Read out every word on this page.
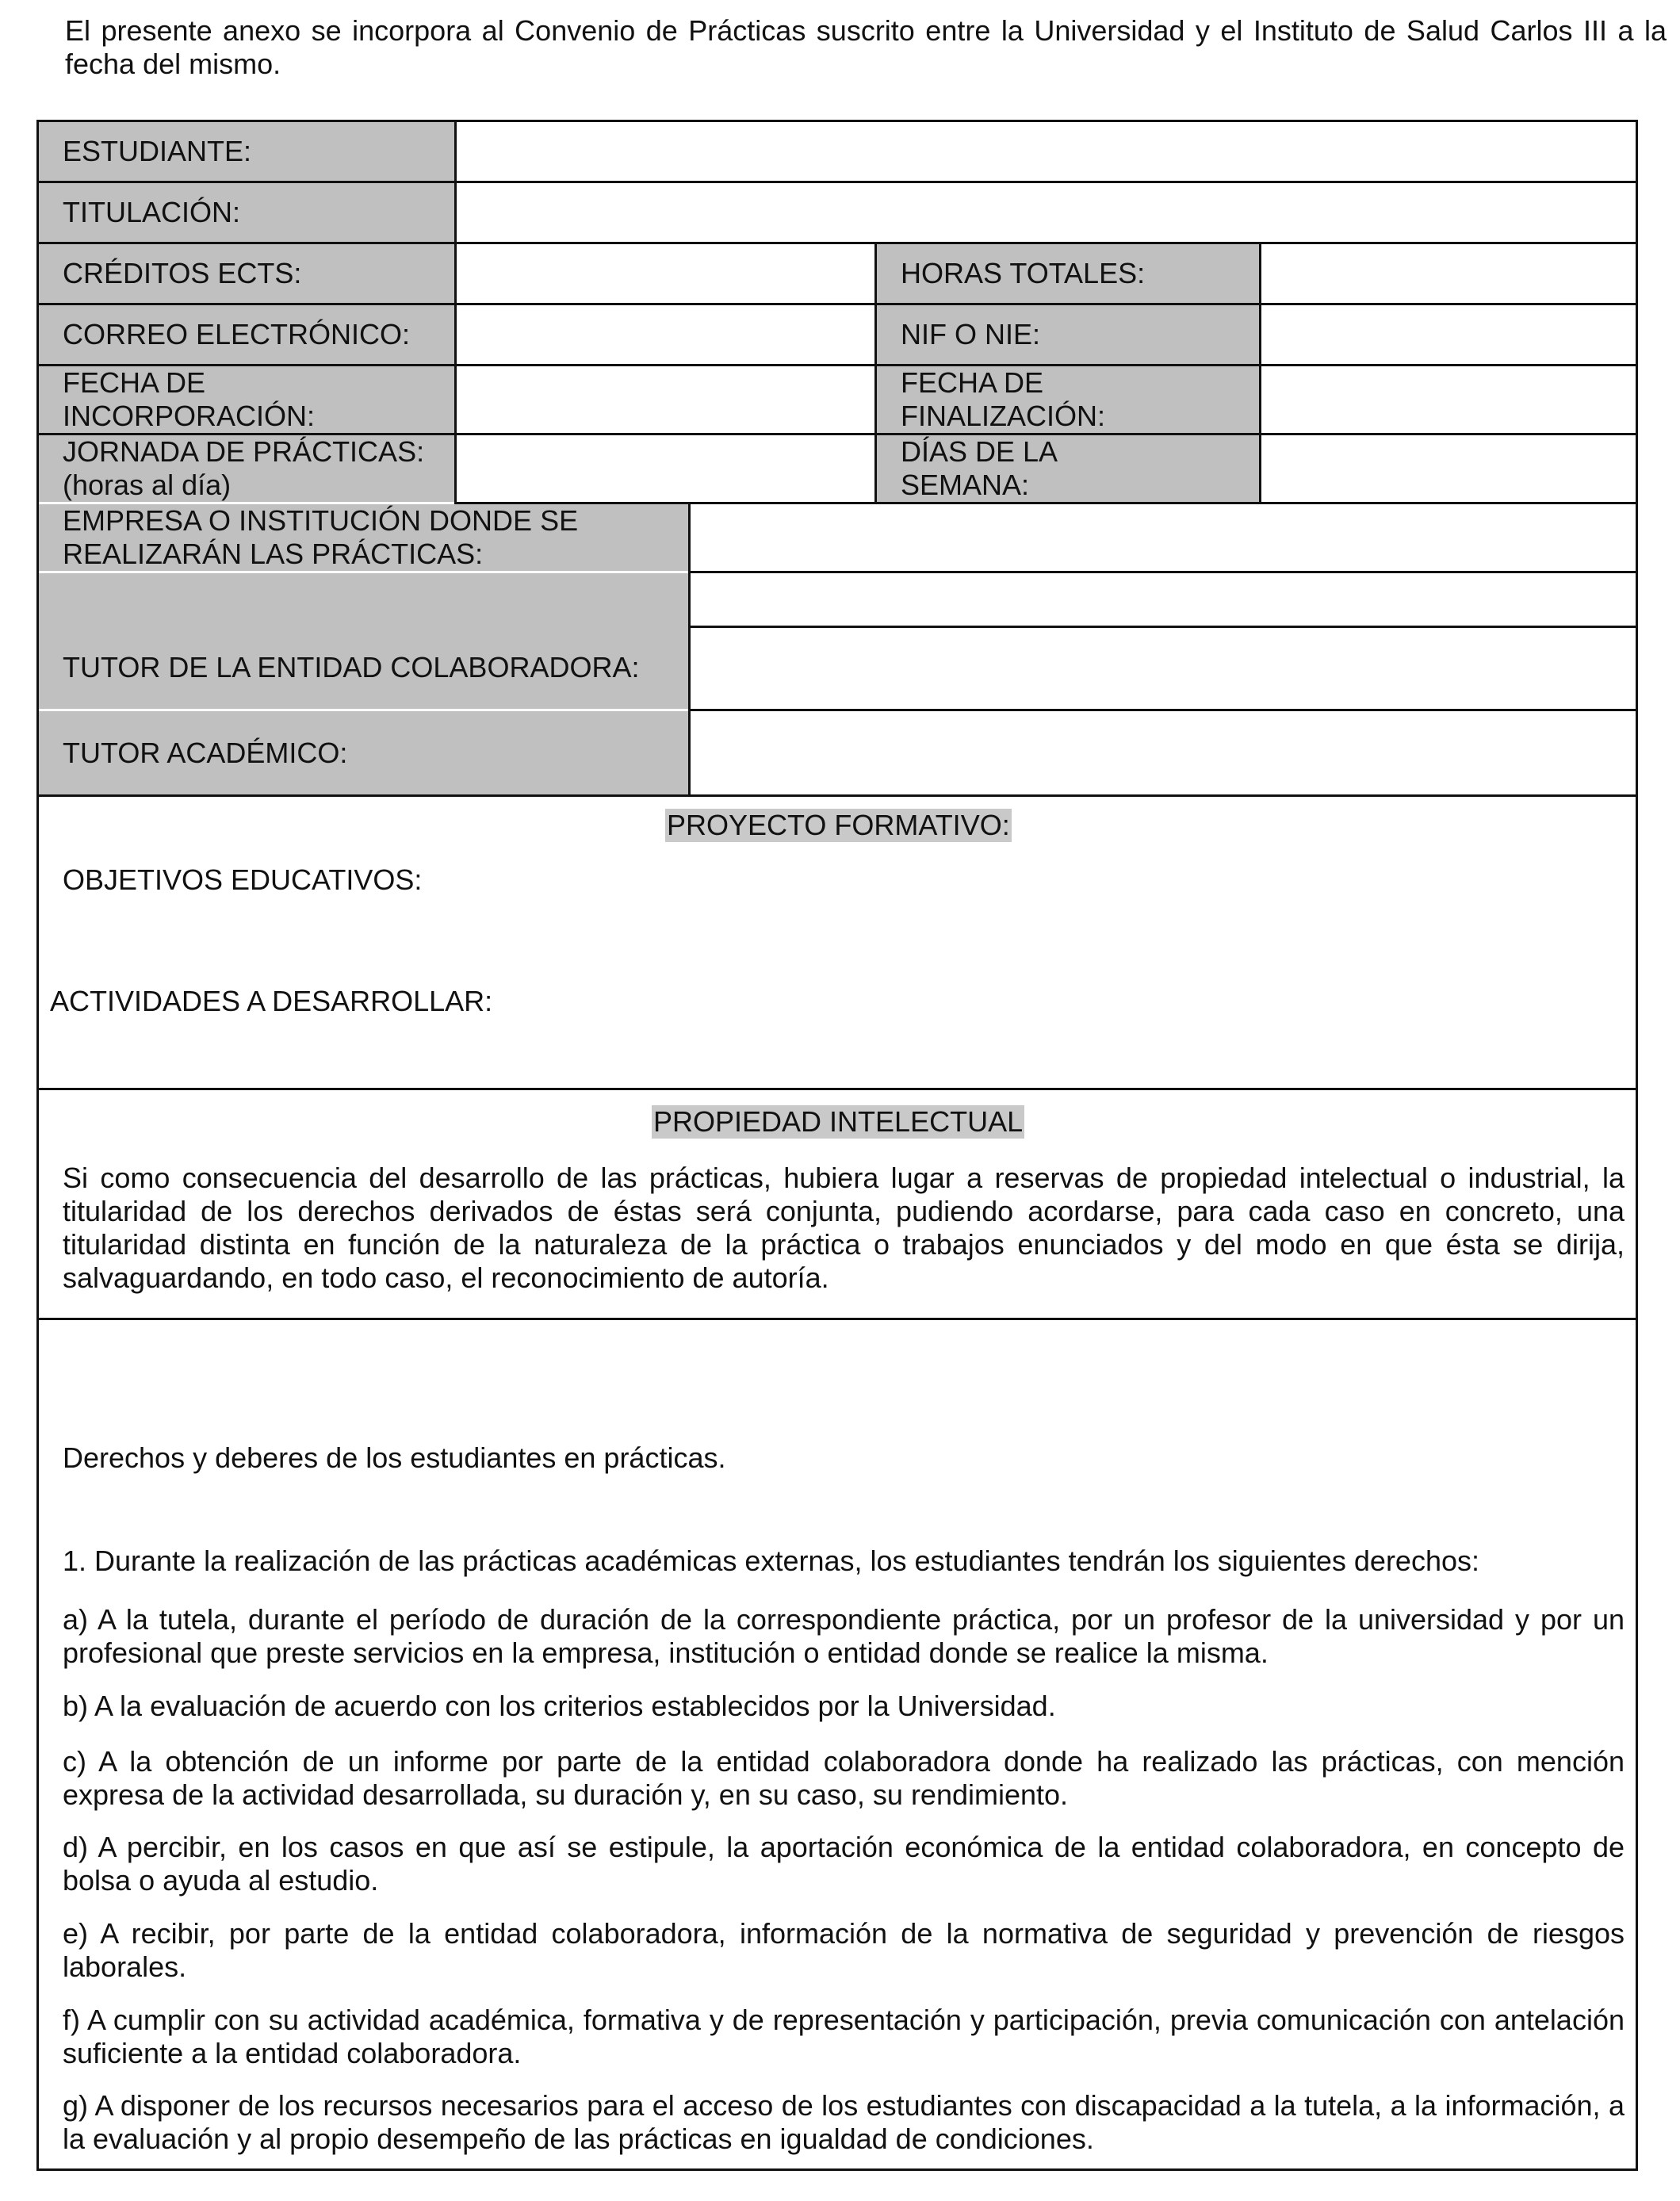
El presente anexo se incorpora al Convenio de Prácticas suscrito entre la Universidad y el Instituto de Salud Carlos III a la
fecha del mismo.

ESTUDIANTE:
TITULACIÓN:
CRÉDITOS ECTS:	HORAS TOTALES:
CORREO ELECTRÓNICO:	NIF O NIE:
FECHA DE
INCORPORACIÓN:
FECHA DE
FINALIZACIÓN:
JORNADA DE PRÁCTICAS:
(horas al día)
DÍAS DE LA
SEMANA:
EMPRESA O INSTITUCIÓN DONDE SE
REALIZARÁN LAS PRÁCTICAS:
TUTOR DE LA ENTIDAD COLABORADORA:
TUTOR ACADÉMICO:
PROYECTO FORMATIVO:

OBJETIVOS EDUCATIVOS:

ACTIVIDADES A DESARROLLAR:

PROPIEDAD INTELECTUAL

Si como consecuencia del desarrollo de las prácticas, hubiera lugar a reservas de propiedad intelectual o industrial, la titularidad de los derechos derivados de éstas será conjunta, pudiendo acordarse, para cada caso en concreto, una titularidad distinta en función de la naturaleza de la práctica o trabajos enunciados y del modo en que ésta se dirija, salvaguardando, en todo caso, el reconocimiento de autoría.

Derechos y deberes de los estudiantes en prácticas.

1. Durante la realización de las prácticas académicas externas, los estudiantes tendrán los siguientes derechos:

a) A la tutela, durante el período de duración de la correspondiente práctica, por un profesor de la universidad y por un profesional que preste servicios en la empresa, institución o entidad donde se realice la misma.

b) A la evaluación de acuerdo con los criterios establecidos por la Universidad.

c) A la obtención de un informe por parte de la entidad colaboradora donde ha realizado las prácticas, con mención expresa de la actividad desarrollada, su duración y, en su caso, su rendimiento.

d) A percibir, en los casos en que así se estipule, la aportación económica de la entidad colaboradora, en concepto de bolsa o ayuda al estudio.

e) A recibir, por parte de la entidad colaboradora, información de la normativa de seguridad y prevención de riesgos laborales.

f) A cumplir con su actividad académica, formativa y de representación y participación, previa comunicación con antelación suficiente a la entidad colaboradora.

g) A disponer de los recursos necesarios para el acceso de los estudiantes con discapacidad a la tutela, a la información, a la evaluación y al propio desempeño de las prácticas en igualdad de condiciones.
